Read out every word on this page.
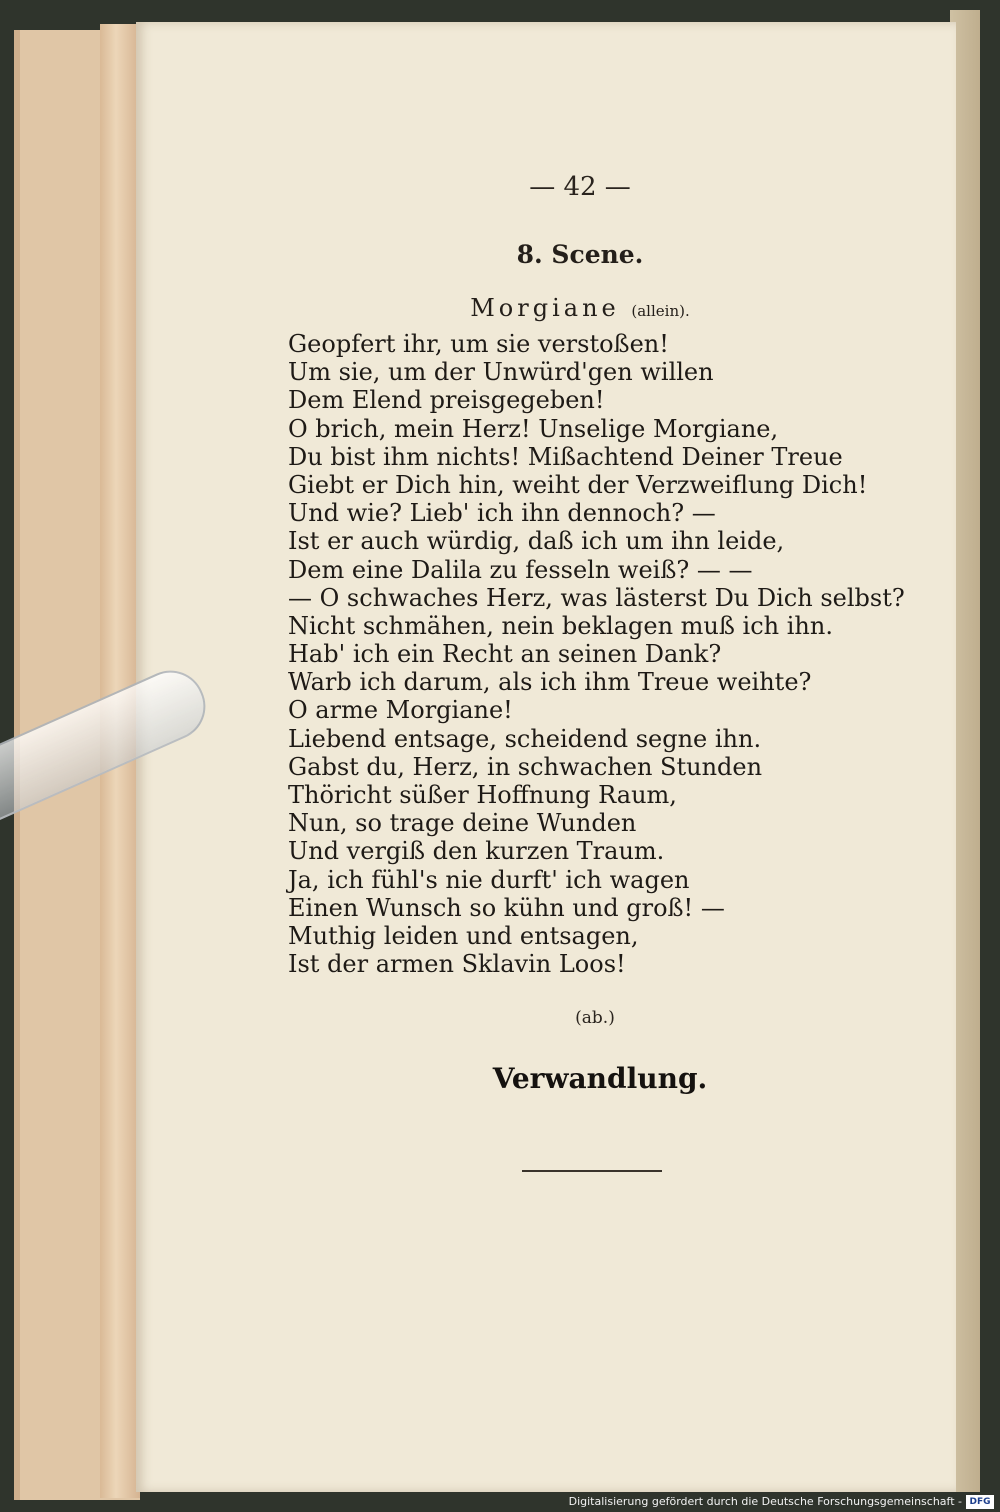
— 42 —
8. Scene.
Morgiane (allein).
Geopfert ihr, um sie verstoßen!
Um sie, um der Unwürd'gen willen
Dem Elend preisgegeben!
O brich, mein Herz! Unselige Morgiane,
Du bist ihm nichts! Mißachtend Deiner Treue
Giebt er Dich hin, weiht der Verzweiflung Dich!
Und wie? Lieb' ich ihn dennoch? —
Ist er auch würdig, daß ich um ihn leide,
Dem eine Dalila zu fesseln weiß? — —
— O schwaches Herz, was lästerst Du Dich selbst?
Nicht schmähen, nein beklagen muß ich ihn.
Hab' ich ein Recht an seinen Dank?
Warb ich darum, als ich ihm Treue weihte?
O arme Morgiane!
Liebend entsage, scheidend segne ihn.
Gabst du, Herz, in schwachen Stunden
Thöricht süßer Hoffnung Raum,
Nun, so trage deine Wunden
Und vergiß den kurzen Traum.
Ja, ich fühl's nie durft' ich wagen
Einen Wunsch so kühn und groß! —
Muthig leiden und entsagen,
Ist der armen Sklavin Loos!
(ab.)
Verwandlung.
Digitalisierung gefördert durch die Deutsche Forschungsgemeinschaft - DFG
